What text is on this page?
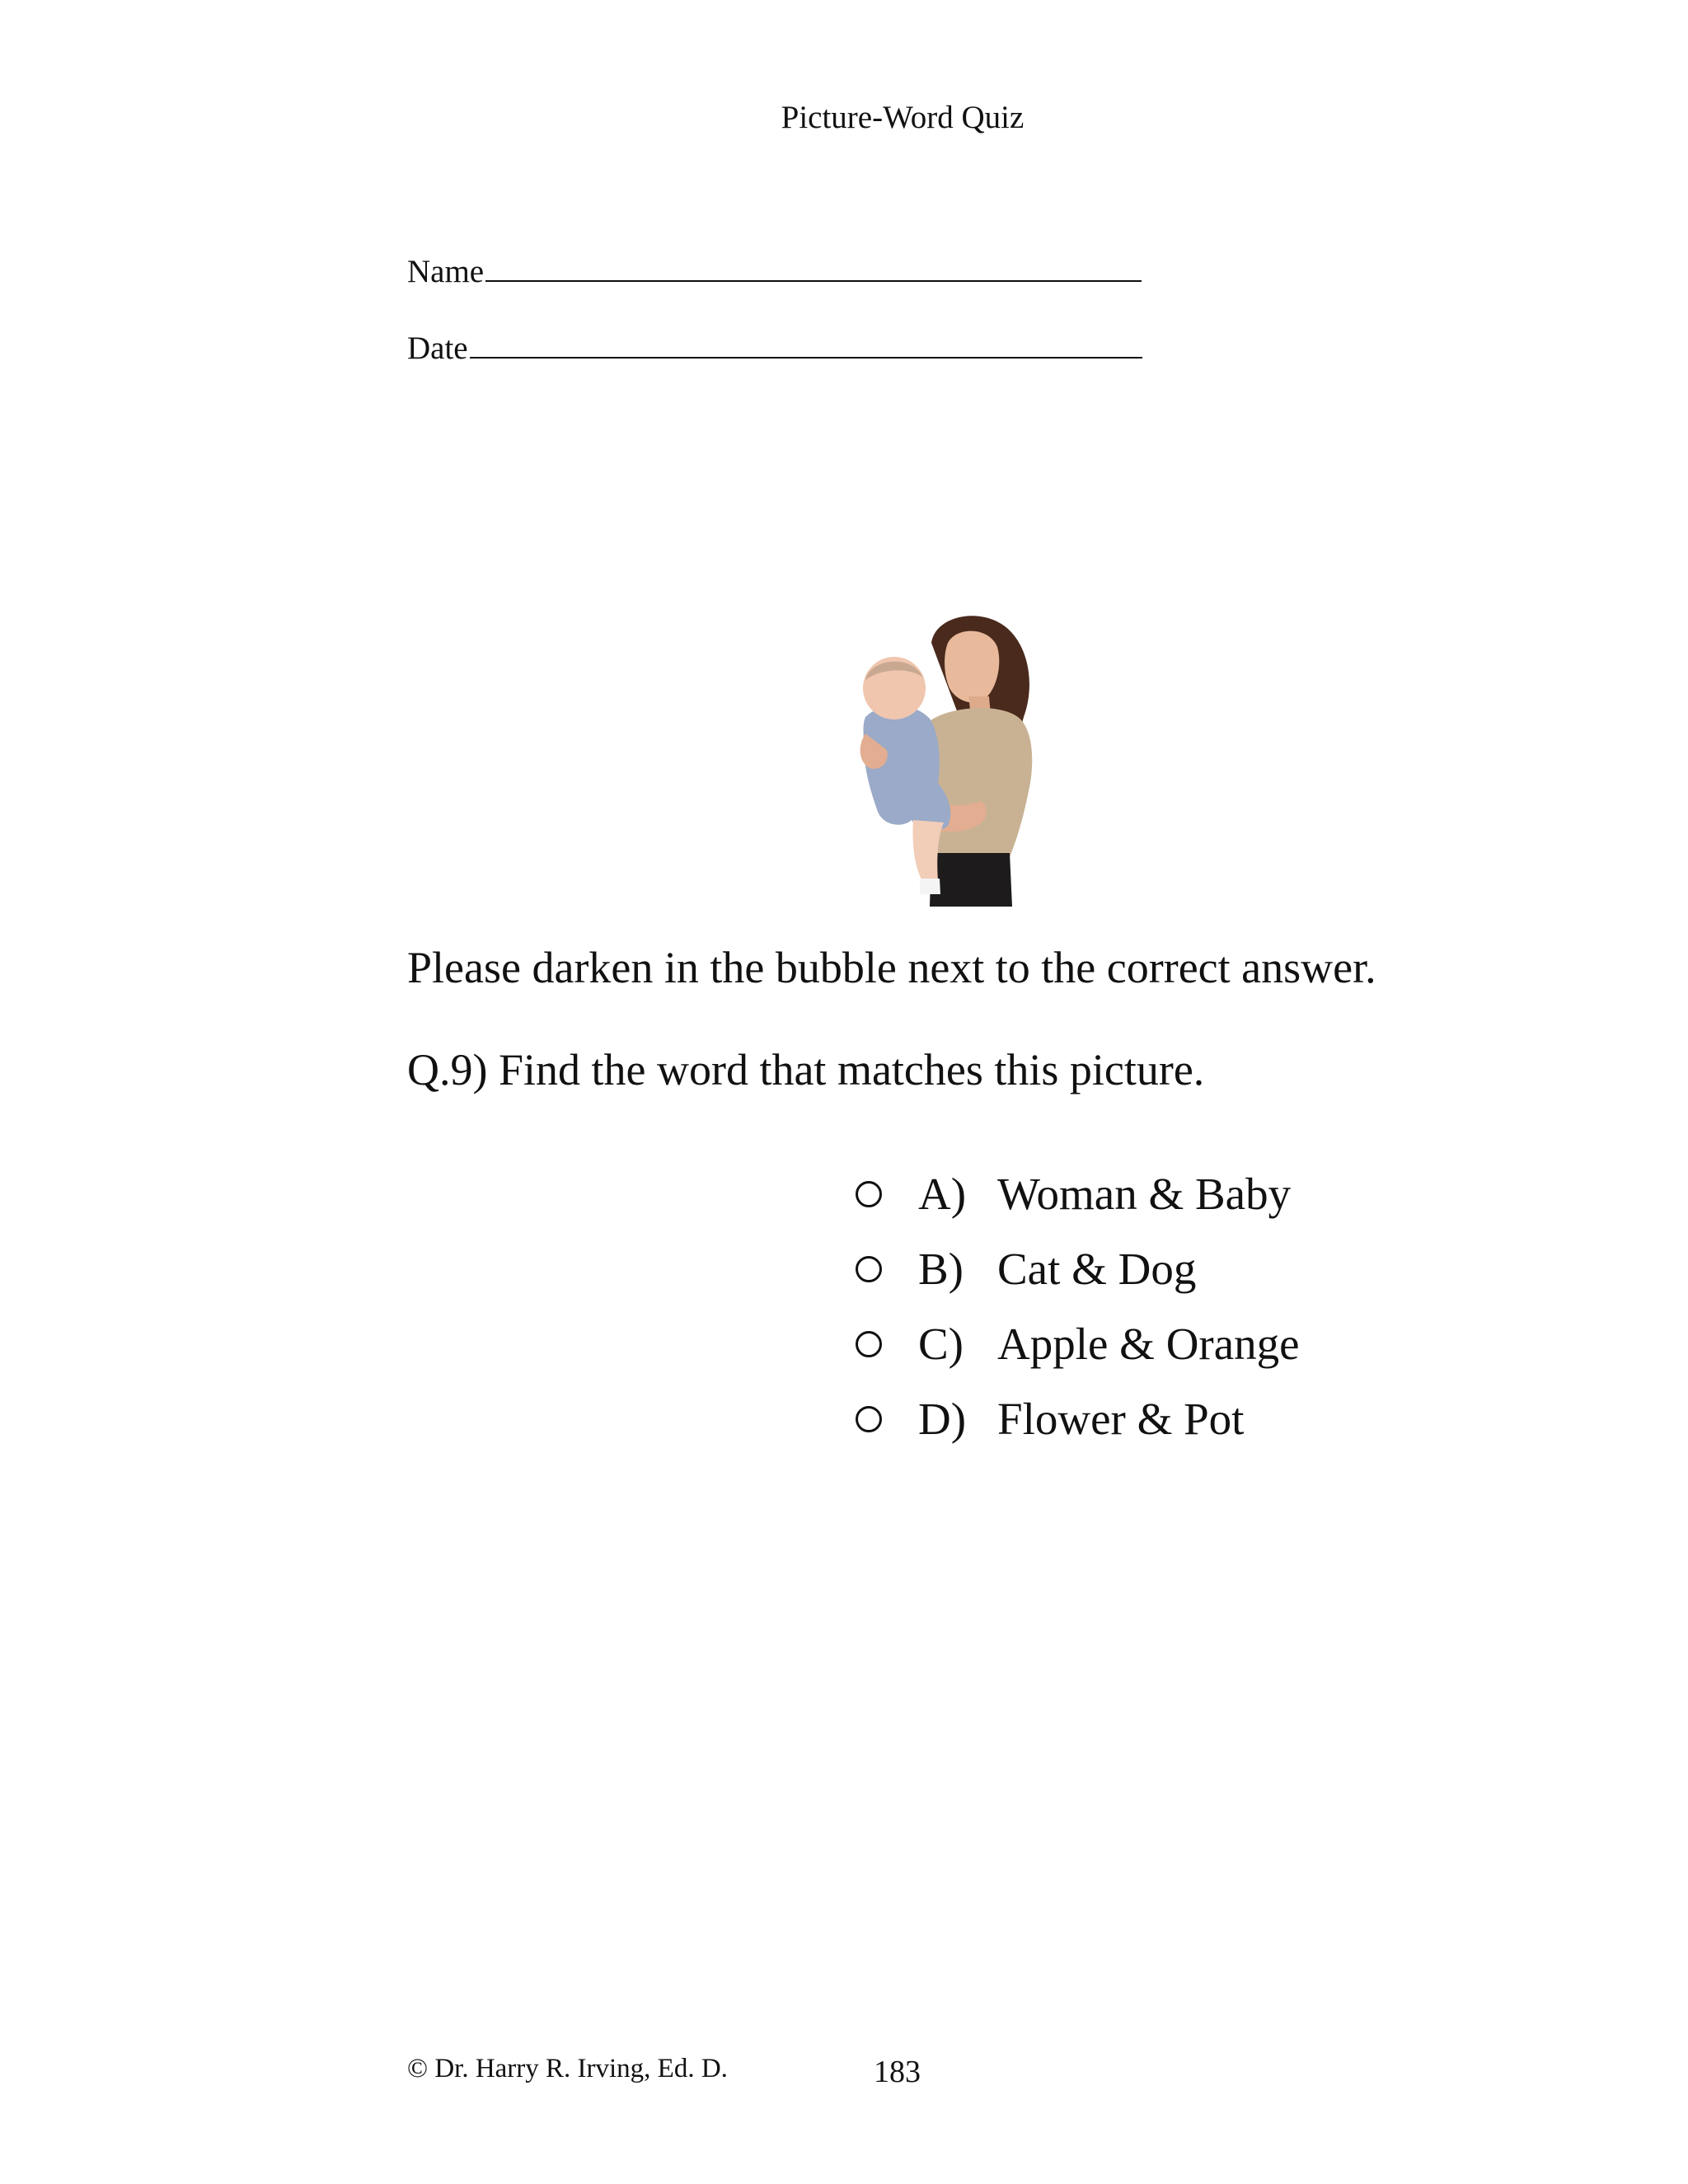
Picture-Word Quiz
Name
Date
Please darken in the bubble next to the correct answer.
Q.9) Find the word that matches this picture.
A) Woman & Baby
B) Cat & Dog
C) Apple & Orange
D) Flower & Pot
© Dr. Harry R. Irving, Ed. D.	183
